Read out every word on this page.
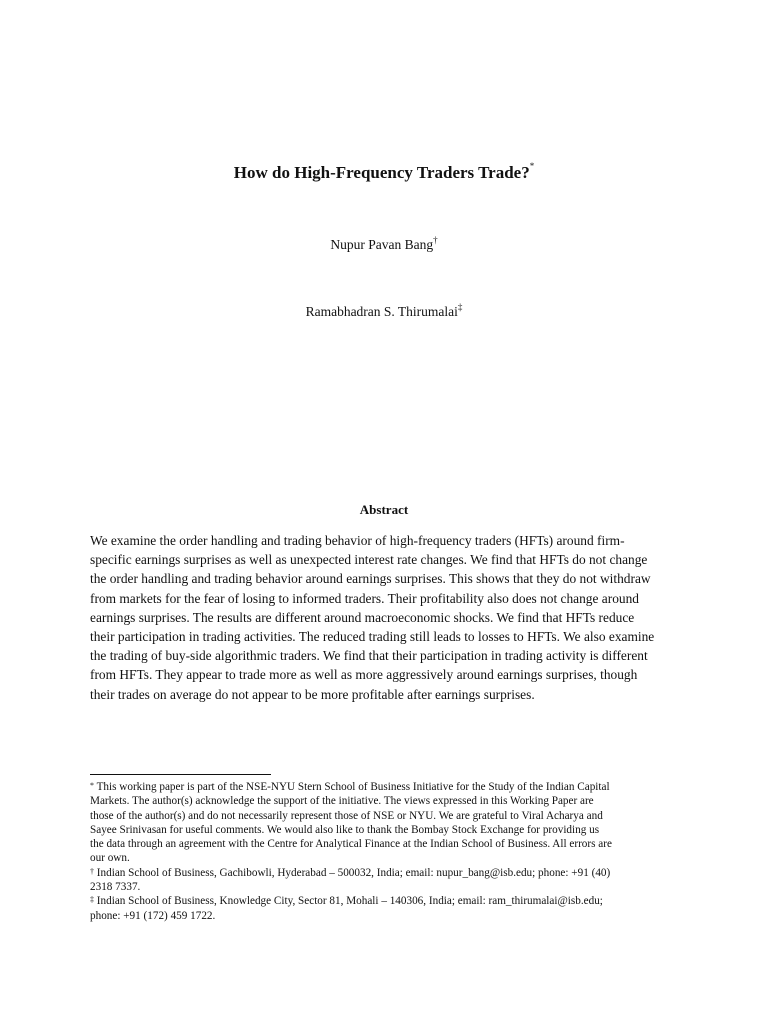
How do High-Frequency Traders Trade?*
Nupur Pavan Bang†
Ramabhadran S. Thirumalai‡
Abstract
We examine the order handling and trading behavior of high-frequency traders (HFTs) around firm-
specific earnings surprises as well as unexpected interest rate changes. We find that HFTs do not change
the order handling and trading behavior around earnings surprises. This shows that they do not withdraw
from markets for the fear of losing to informed traders. Their profitability also does not change around
earnings surprises. The results are different around macroeconomic shocks. We find that HFTs reduce
their participation in trading activities. The reduced trading still leads to losses to HFTs. We also examine
the trading of buy-side algorithmic traders. We find that their participation in trading activity is different
from HFTs. They appear to trade more as well as more aggressively around earnings surprises, though
their trades on average do not appear to be more profitable after earnings surprises.
* This working paper is part of the NSE-NYU Stern School of Business Initiative for the Study of the Indian Capital
Markets. The author(s) acknowledge the support of the initiative. The views expressed in this Working Paper are
those of the author(s) and do not necessarily represent those of NSE or NYU. We are grateful to Viral Acharya and
Sayee Srinivasan for useful comments. We would also like to thank the Bombay Stock Exchange for providing us
the data through an agreement with the Centre for Analytical Finance at the Indian School of Business. All errors are
our own.
† Indian School of Business, Gachibowli, Hyderabad – 500032, India; email: nupur_bang@isb.edu; phone: +91 (40)
2318 7337.
‡ Indian School of Business, Knowledge City, Sector 81, Mohali – 140306, India; email: ram_thirumalai@isb.edu;
phone: +91 (172) 459 1722.
